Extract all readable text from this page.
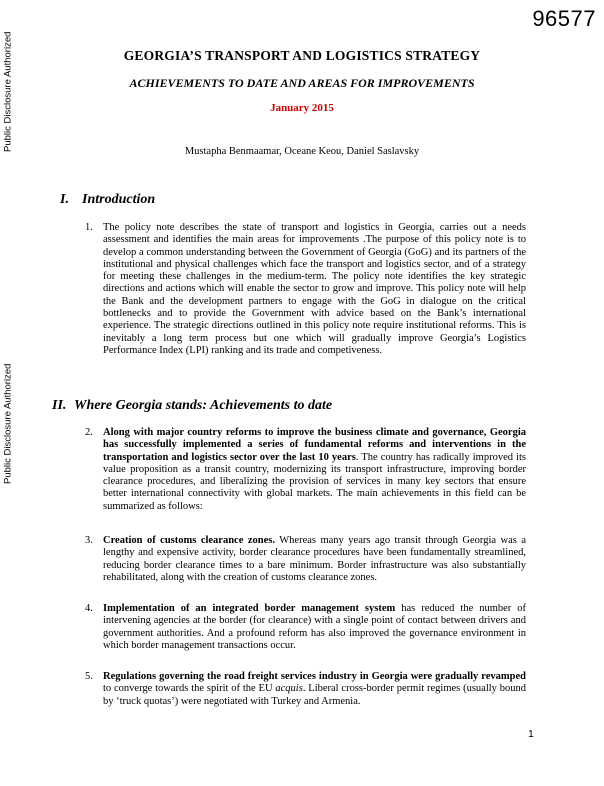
96577
Public Disclosure Authorized
Public Disclosure Authorized
GEORGIA’S TRANSPORT AND LOGISTICS STRATEGY
ACHIEVEMENTS TO DATE AND AREAS FOR IMPROVEMENTS
January 2015
Mustapha Benmaamar, Oceane Keou, Daniel Saslavsky
I. Introduction
1. The policy note describes the state of transport and logistics in Georgia, carries out a needs assessment and identifies the main areas for improvements .The purpose of this policy note is to develop a common understanding between the Government of Georgia (GoG) and its partners of the institutional and physical challenges which face the transport and logistics sector, and of a strategy for meeting these challenges in the medium-term. The policy note identifies the key strategic directions and actions which will enable the sector to grow and improve. This policy note will help the Bank and the development partners to engage with the GoG in dialogue on the critical bottlenecks and to provide the Government with advice based on the Bank’s international experience. The strategic directions outlined in this policy note require institutional reforms. This is inevitably a long term process but one which will gradually improve Georgia’s Logistics Performance Index (LPI) ranking and its trade and competiveness.
II. Where Georgia stands: Achievements to date
2. Along with major country reforms to improve the business climate and governance, Georgia has successfully implemented a series of fundamental reforms and interventions in the transportation and logistics sector over the last 10 years. The country has radically improved its value proposition as a transit country, modernizing its transport infrastructure, improving border clearance procedures, and liberalizing the provision of services in many key sectors that ensure better international connectivity with global markets. The main achievements in this field can be summarized as follows:
3. Creation of customs clearance zones. Whereas many years ago transit through Georgia was a lengthy and expensive activity, border clearance procedures have been fundamentally streamlined, reducing border clearance times to a bare minimum. Border infrastructure was also substantially rehabilitated, along with the creation of customs clearance zones.
4. Implementation of an integrated border management system has reduced the number of intervening agencies at the border (for clearance) with a single point of contact between drivers and government authorities. And a profound reform has also improved the governance environment in which border management transactions occur.
5. Regulations governing the road freight services industry in Georgia were gradually revamped to converge towards the spirit of the EU acquis. Liberal cross-border permit regimes (usually bound by ‘truck quotas’) were negotiated with Turkey and Armenia.
1
